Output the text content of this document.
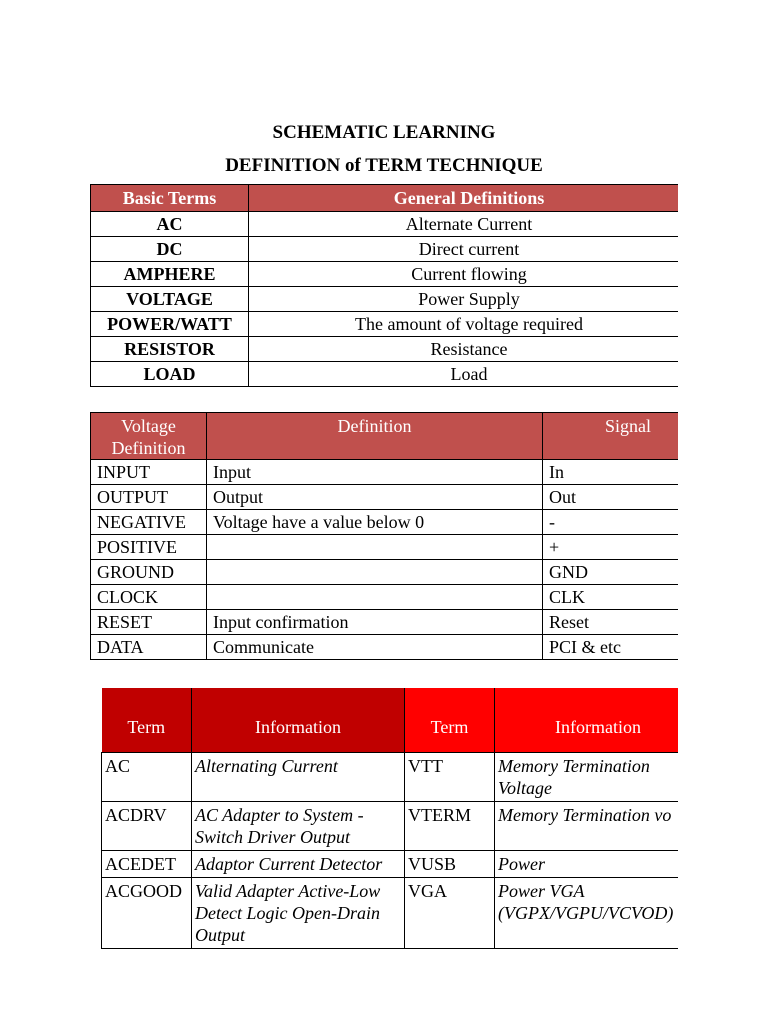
SCHEMATIC LEARNING
DEFINITION of TERM TECHNIQUE
Basic Terms	General Definitions
AC	Alternate Current
DC	Direct current
AMPHERE	Current flowing
VOLTAGE	Power Supply
POWER/WATT	The amount of voltage required
RESISTOR	Resistance
LOAD	Load
Voltage Definition	Definition	Signal
INPUT	Input	In
OUTPUT	Output	Out
NEGATIVE	Voltage have a value below 0	-
POSITIVE		+
GROUND		GND
CLOCK		CLK
RESET	Input confirmation	Reset
DATA	Communicate	PCI & etc
Term	Information	Term	Information
AC	Alternating Current	VTT	Memory Termination Voltage
ACDRV	AC Adapter to System - Switch Driver Output	VTERM	Memory Termination vo
ACEDET	Adaptor Current Detector	VUSB	Power
ACGOOD	Valid Adapter Active-Low Detect Logic Open-Drain Output	VGA	Power VGA (VGPX/VGPU/VCVOD)
